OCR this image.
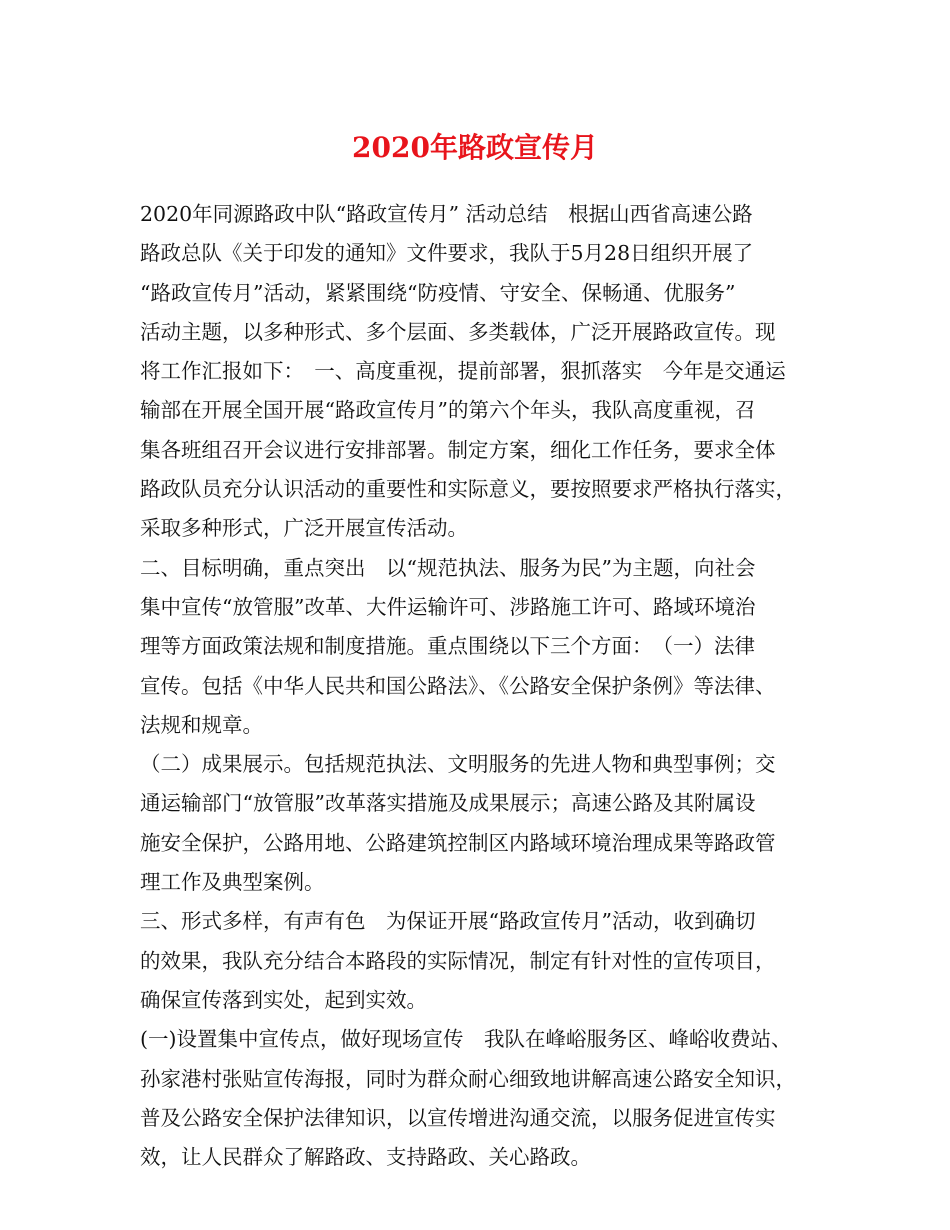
2020年路政宣传月
2020年同源路政中队“路政宣传月” 活动总结　根据山西省高速公路
路政总队《关于印发的通知》文件要求，我队于5月28日组织开展了
“路政宣传月”活动，紧紧围绕“防疫情、守安全、保畅通、优服务”
活动主题，以多种形式、多个层面、多类载体，广泛开展路政宣传。现
将工作汇报如下：　一、高度重视，提前部署，狠抓落实　今年是交通运
输部在开展全国开展“路政宣传月”的第六个年头，我队高度重视，召
集各班组召开会议进行安排部署。制定方案，细化工作任务，要求全体
路政队员充分认识活动的重要性和实际意义，要按照要求严格执行落实，
采取多种形式，广泛开展宣传活动。
二、目标明确，重点突出　以“规范执法、服务为民”为主题，向社会
集中宣传“放管服”改革、大件运输许可、涉路施工许可、路域环境治
理等方面政策法规和制度措施。重点围绕以下三个方面：　（一）法律
宣传。包括《中华人民共和国公路法》、《公路安全保护条例》等法律、
法规和规章。
（二）成果展示。包括规范执法、文明服务的先进人物和典型事例；交
通运输部门“放管服”改革落实措施及成果展示；高速公路及其附属设
施安全保护，公路用地、公路建筑控制区内路域环境治理成果等路政管
理工作及典型案例。
三、形式多样，有声有色　为保证开展“路政宣传月”活动，收到确切
的效果，我队充分结合本路段的实际情况，制定有针对性的宣传项目，
确保宣传落到实处，起到实效。
(一)设置集中宣传点，做好现场宣传　我队在峰峪服务区、峰峪收费站、
孙家港村张贴宣传海报，同时为群众耐心细致地讲解高速公路安全知识，
普及公路安全保护法律知识，以宣传增进沟通交流，以服务促进宣传实
效，让人民群众了解路政、支持路政、关心路政。
